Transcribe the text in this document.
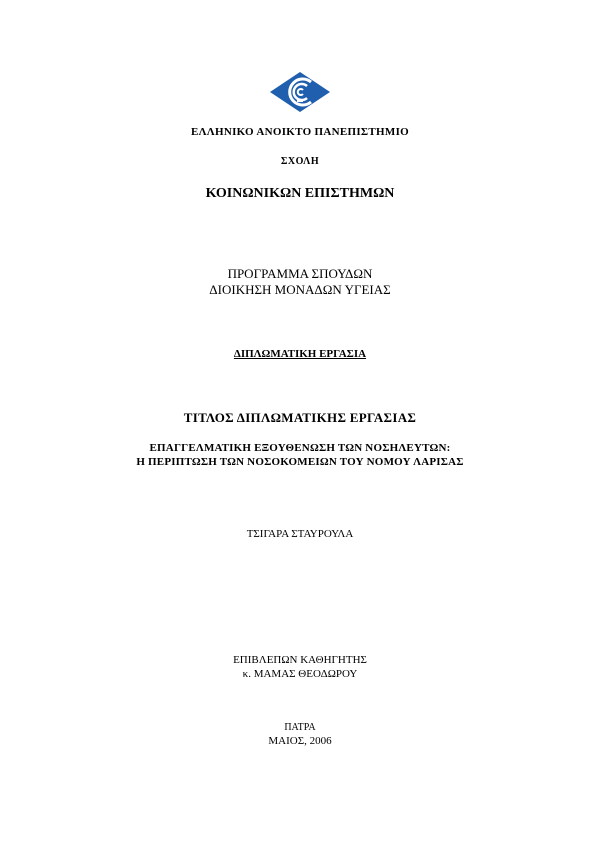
ΕΛΛΗΝΙΚΟ ΑΝΟΙΚΤΟ ΠΑΝΕΠΙΣΤΗΜΙΟ
ΣΧΟΛΗ
ΚΟΙΝΩΝΙΚΩΝ ΕΠΙΣΤΗΜΩΝ
ΠΡΟΓΡΑΜΜΑ ΣΠΟΥΔΩΝ
ΔΙΟΙΚΗΣΗ ΜΟΝΑΔΩΝ ΥΓΕΙΑΣ
ΔΙΠΛΩΜΑΤΙΚΗ ΕΡΓΑΣΙΑ
ΤΙΤΛΟΣ ΔΙΠΛΩΜΑΤΙΚΗΣ ΕΡΓΑΣΙΑΣ
ΕΠΑΓΓΕΛΜΑΤΙΚΗ ΕΞΟΥΘΕΝΩΣΗ ΤΩΝ ΝΟΣΗΛΕΥΤΩΝ:
Η ΠΕΡΙΠΤΩΣΗ ΤΩΝ ΝΟΣΟΚΟΜΕΙΩΝ ΤΟΥ ΝΟΜΟΥ ΛΑΡΙΣΑΣ
ΤΣΙΓΑΡΑ ΣΤΑΥΡΟΥΛΑ
ΕΠΙΒΛΕΠΩΝ ΚΑΘΗΓΗΤΗΣ
κ. ΜΑΜΑΣ ΘΕΟΔΩΡΟΥ
ΠΑΤΡΑ
ΜΑΙΟΣ, 2006
